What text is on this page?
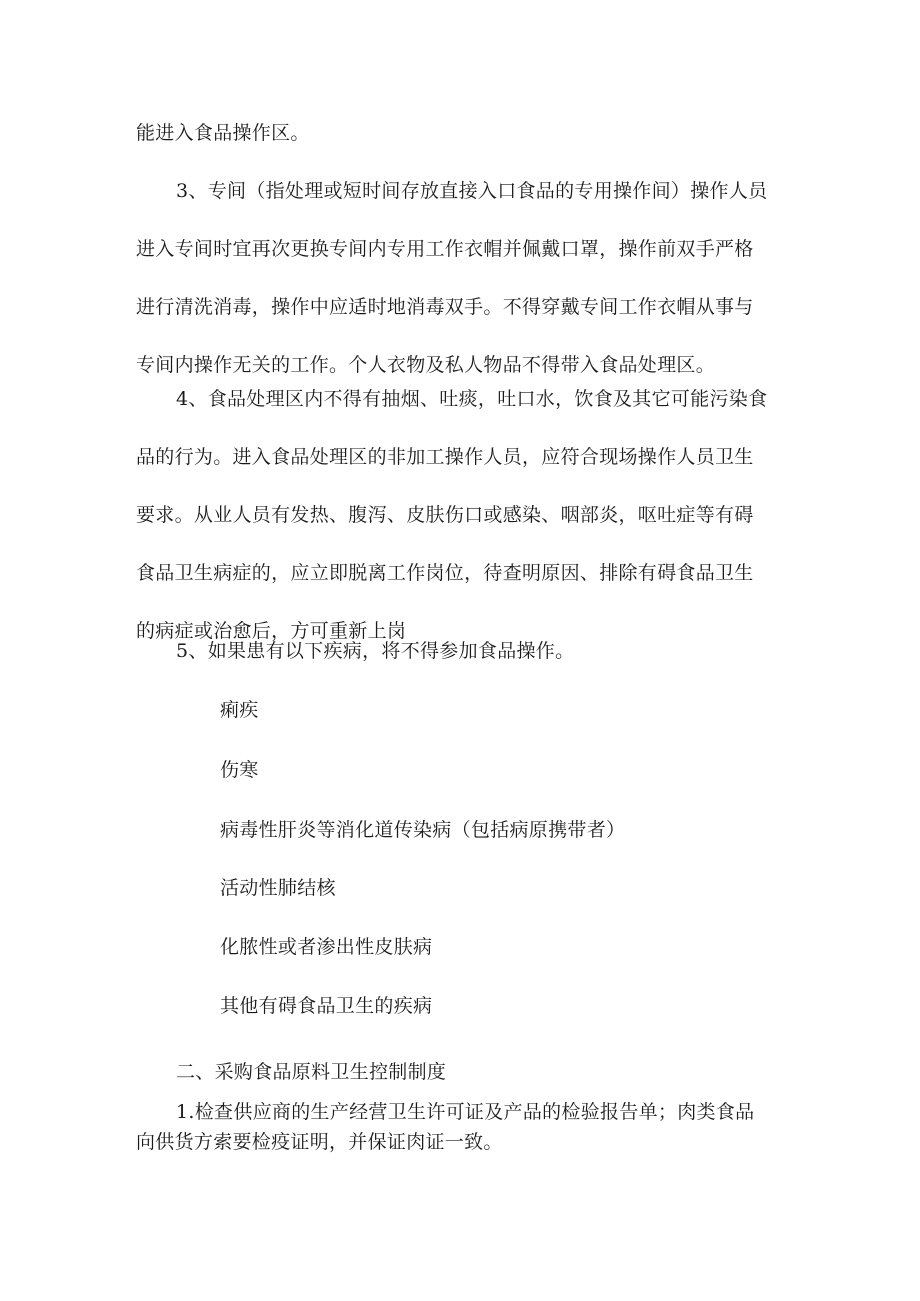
能进入食品操作区。
3、专间（指处理或短时间存放直接入口食品的专用操作间）操作人员
进入专间时宜再次更换专间内专用工作衣帽并佩戴口罩，操作前双手严格
进行清洗消毒，操作中应适时地消毒双手。不得穿戴专间工作衣帽从事与
专间内操作无关的工作。个人衣物及私人物品不得带入食品处理区。
4、食品处理区内不得有抽烟、吐痰，吐口水，饮食及其它可能污染食
品的行为。进入食品处理区的非加工操作人员，应符合现场操作人员卫生
要求。从业人员有发热、腹泻、皮肤伤口或感染、咽部炎，呕吐症等有碍
食品卫生病症的，应立即脱离工作岗位，待查明原因、排除有碍食品卫生
的病症或治愈后，方可重新上岗
5、如果患有以下疾病，将不得参加食品操作。
痢疾
伤寒
病毒性肝炎等消化道传染病（包括病原携带者）
活动性肺结核
化脓性或者渗出性皮肤病
其他有碍食品卫生的疾病
二、采购食品原料卫生控制制度
1.检查供应商的生产经营卫生许可证及产品的检验报告单；肉类食品
向供货方索要检疫证明，并保证肉证一致。
